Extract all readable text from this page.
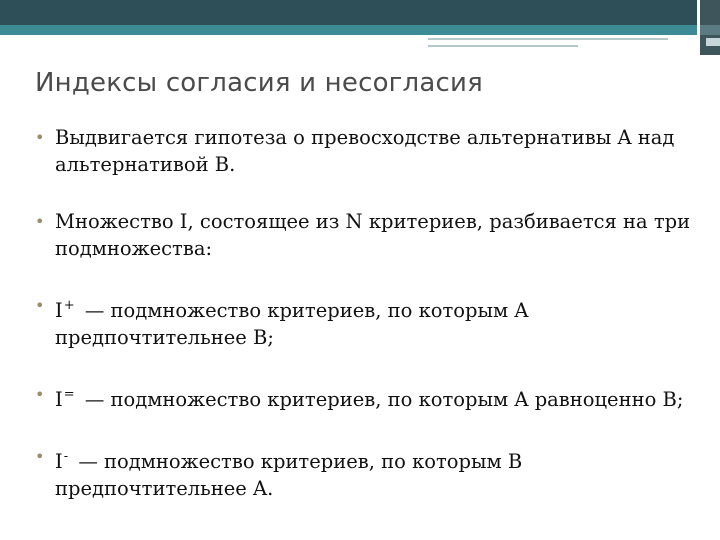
Индексы согласия и несогласия
• Выдвигается гипотеза о превосходстве альтернативы A над альтернативой B.
• Множество I, состоящее из N критериев, разбивается на три подмножества:
• I+ — подмножество критериев, по которым A предпочтительнее B;
• I= — подмножество критериев, по которым A равноценно B;
• I- — подмножество критериев, по которым B предпочтительнее A.
